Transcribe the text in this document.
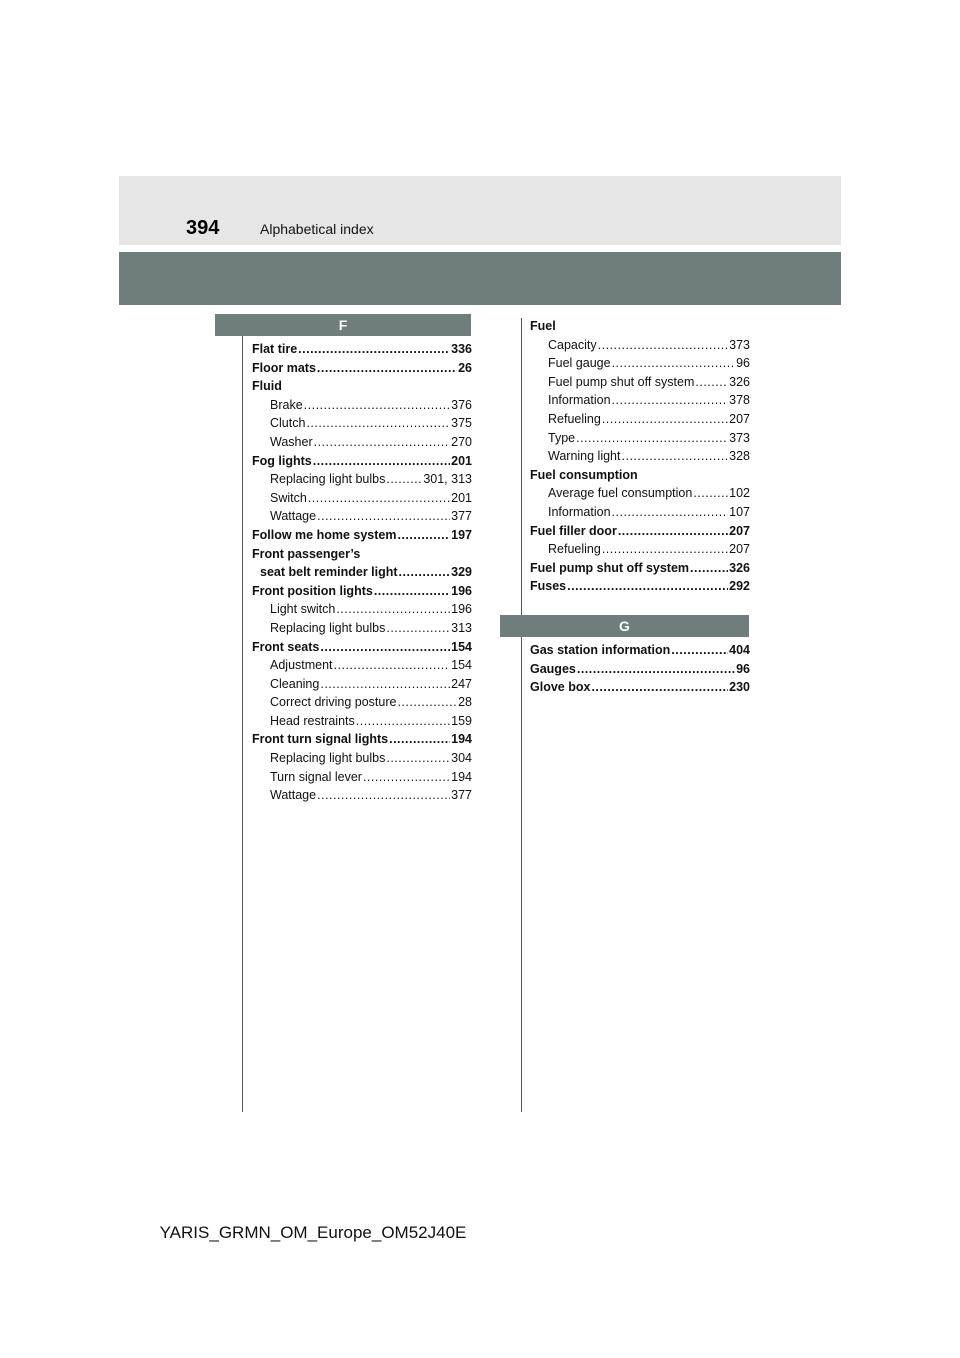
394	Alphabetical index
F
G
Flat tire .....	336
Floor mats .....	26
Fluid
Brake .....	376
Clutch .....	375
Washer .....	270
Fog lights .....	201
Replacing light bulbs .....	301, 313
Switch .....	201
Wattage .....	377
Follow me home system .....	197
Front passenger’s
seat belt reminder light .....	329
Front position lights .....	196
Light switch .....	196
Replacing light bulbs .....	313
Front seats .....	154
Adjustment .....	154
Cleaning .....	247
Correct driving posture .....	28
Head restraints .....	159
Front turn signal lights .....	194
Replacing light bulbs .....	304
Turn signal lever .....	194
Wattage .....	377
Fuel
Capacity .....	373
Fuel gauge .....	96
Fuel pump shut off system .....	326
Information .....	378
Refueling .....	207
Type .....	373
Warning light .....	328
Fuel consumption
Average fuel consumption .....	102
Information .....	107
Fuel filler door .....	207
Refueling .....	207
Fuel pump shut off system .....	326
Fuses .....	292
Gas station information .....	404
Gauges .....	96
Glove box .....	230
YARIS_GRMN_OM_Europe_OM52J40E
